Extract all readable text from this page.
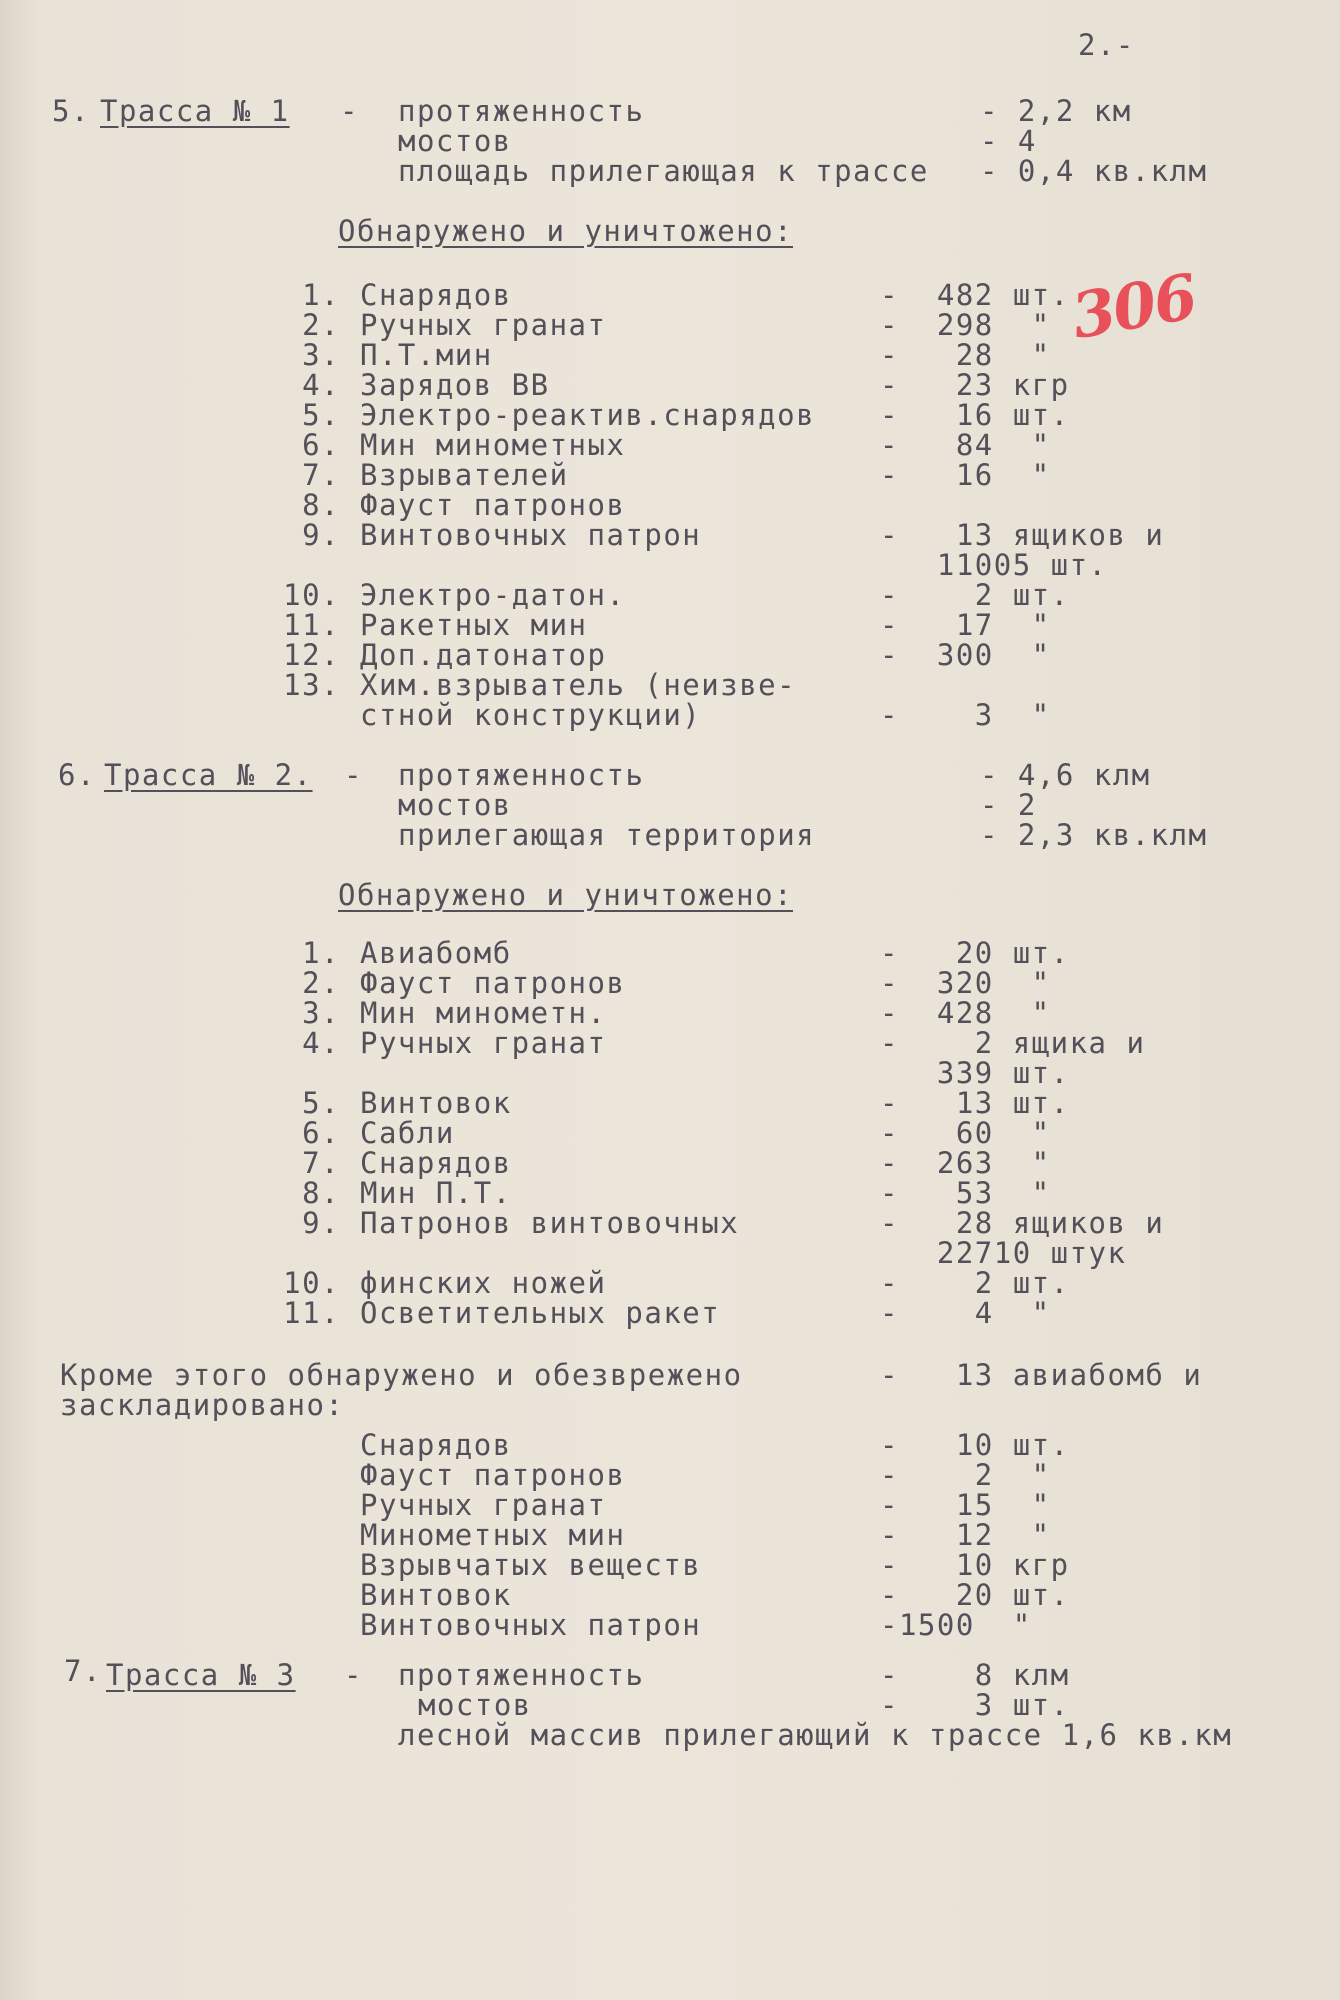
2.-
5. Трасса № 1 - протяженность	- 2,2 км
мостов	- 4
площадь прилегающая к трассе - 0,4 кв.клм
Обнаружено и уничтожено:
306
1. Снарядов	-  482 шт.
2. Ручных гранат	-  298  "
3. П.Т.мин	-   28  "
4. Зарядов ВВ	-   23 кгр
5. Электро-реактив.снарядов -   16 шт.
6. Мин минометных	-   84  "
7. Взрывателей	-   16  "
8. Фауст патронов
9. Винтовочных патрон	-   13 ящиков и
11005 шт.
10. Электро-датон.	-    2 шт.
11. Ракетных мин	-   17  "
12. Доп.датонатор	-  300  "
13. Хим.взрыватель (неизве-
стной конструкции)	-    3  "
6. Трасса № 2. - протяженность	- 4,6 клм
мостов	- 2
прилегающая территория	- 2,3 кв.клм
Обнаружено и уничтожено:
1. Авиабомб	-   20 шт.
2. Фауст патронов	-  320  "
3. Мин минометн.	-  428  "
4. Ручных гранат	-    2 ящика и
339 шт.
5. Винтовок	-   13 шт.
6. Сабли	-   60  "
7. Снарядов	-  263  "
8. Мин П.Т.	-   53  "
9. Патронов винтовочных	-   28 ящиков и
22710 штук
10. финских ножей	-    2 шт.
11. Осветительных ракет	-    4  "
Кроме этого обнаружено и обезврежено	-   13 авиабомб и
заскладировано:
Снарядов	-   10 шт.
Фауст патронов	-    2  "
Ручных гранат	-   15  "
Минометных мин	-   12  "
Взрывчатых веществ	-   10 кгр
Винтовок	-   20 шт.
Винтовочных патрон	-1500  "
7. Трасса № 3 - протяженность	-    8 клм
мостов	-    3 шт.
лесной массив прилегающий к трассе 1,6 кв.км
